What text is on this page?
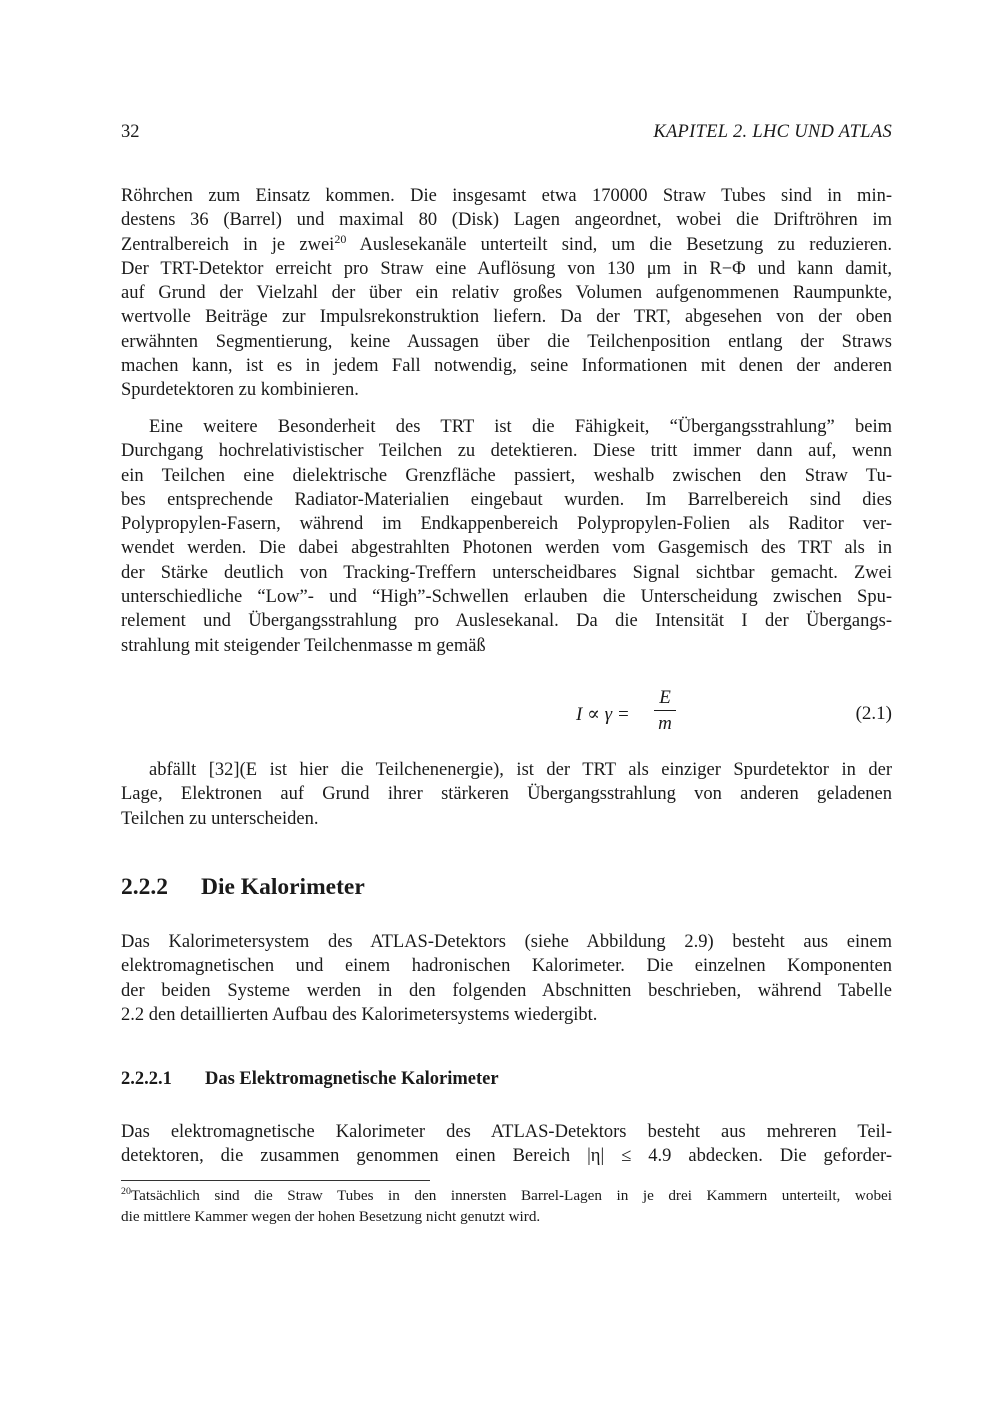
32	KAPITEL 2. LHC UND ATLAS
Röhrchen zum Einsatz kommen. Die insgesamt etwa 170000 Straw Tubes sind in min-
destens 36 (Barrel) und maximal 80 (Disk) Lagen angeordnet, wobei die Driftröhren im
Zentralbereich in je zwei$^{20}$ Auslesekanäle unterteilt sind, um die Besetzung zu reduzieren.
Der TRT-Detektor erreicht pro Straw eine Auflösung von 130 μm in R−Φ und kann damit,
auf Grund der Vielzahl der über ein relativ großes Volumen aufgenommenen Raumpunkte,
wertvolle Beiträge zur Impulsrekonstruktion liefern. Da der TRT, abgesehen von der oben
erwähnten Segmentierung, keine Aussagen über die Teilchenposition entlang der Straws
machen kann, ist es in jedem Fall notwendig, seine Informationen mit denen der anderen
Spurdetektoren zu kombinieren.
Eine weitere Besonderheit des TRT ist die Fähigkeit, “Übergangsstrahlung” beim
Durchgang hochrelativistischer Teilchen zu detektieren. Diese tritt immer dann auf, wenn
ein Teilchen eine dielektrische Grenzfläche passiert, weshalb zwischen den Straw Tu-
bes entsprechende Radiator-Materialien eingebaut wurden. Im Barrelbereich sind dies
Polypropylen-Fasern, während im Endkappenbereich Polypropylen-Folien als Raditor ver-
wendet werden. Die dabei abgestrahlten Photonen werden vom Gasgemisch des TRT als in
der Stärke deutlich von Tracking-Treffern unterscheidbares Signal sichtbar gemacht. Zwei
unterschiedliche “Low”- und “High”-Schwellen erlauben die Unterscheidung zwischen Spu-
relement und Übergangsstrahlung pro Auslesekanal. Da die Intensität I der Übergangs-
strahlung mit steigender Teilchenmasse m gemäß
I ∝ γ =
E
m	(2.1)
abfällt [32](E ist hier die Teilchenenergie), ist der TRT als einziger Spurdetektor in der
Lage, Elektronen auf Grund ihrer stärkeren Übergangsstrahlung von anderen geladenen
Teilchen zu unterscheiden.
2.2.2 Die Kalorimeter
Das Kalorimetersystem des ATLAS-Detektors (siehe Abbildung 2.9) besteht aus einem
elektromagnetischen und einem hadronischen Kalorimeter. Die einzelnen Komponenten
der beiden Systeme werden in den folgenden Abschnitten beschrieben, während Tabelle
2.2 den detaillierten Aufbau des Kalorimetersystems wiedergibt.
2.2.2.1 Das Elektromagnetische Kalorimeter
Das elektromagnetische Kalorimeter des ATLAS-Detektors besteht aus mehreren Teil-
detektoren, die zusammen genommen einen Bereich |η| ≤ 4.9 abdecken. Die geforder-
$^{20}$Tatsächlich sind die Straw Tubes in den innersten Barrel-Lagen in je drei Kammern unterteilt, wobei
die mittlere Kammer wegen der hohen Besetzung nicht genutzt wird.
